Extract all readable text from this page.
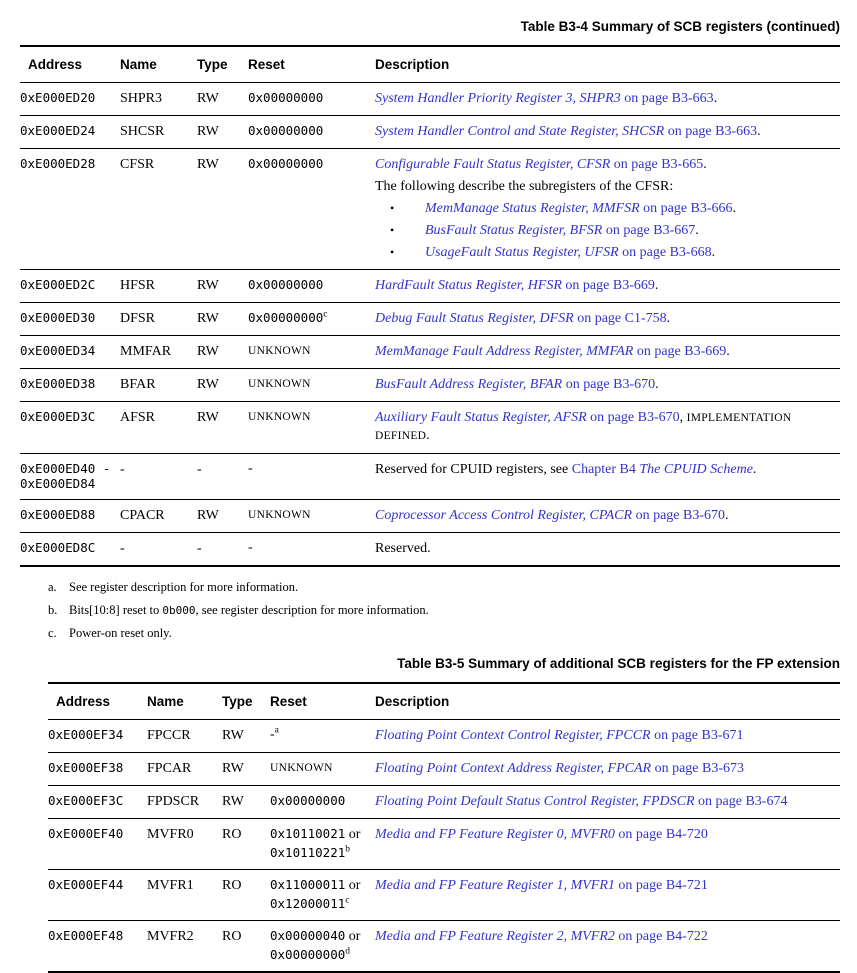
Table B3-4 Summary of SCB registers (continued)
Address	Name	Type	Reset	Description

0xE000ED20	SHPR3	RW	0x00000000	System Handler Priority Register 3, SHPR3 on page B3-663.

0xE000ED24	SHCSR	RW	0x00000000	System Handler Control and State Register, SHCSR on page B3-663.

0xE000ED28	CFSR	RW	0x00000000	Configurable Fault Status Register, CFSR on page B3-665.
The following describe the subregisters of the CFSR:
•	MemManage Status Register, MMFSR on page B3-666.
•	BusFault Status Register, BFSR on page B3-667.
•	UsageFault Status Register, UFSR on page B3-668.

0xE000ED2C	HFSR	RW	0x00000000	HardFault Status Register, HFSR on page B3-669.

0xE000ED30	DFSR	RW	0x00000000$^c$	Debug Fault Status Register, DFSR on page C1-758.

0xE000ED34	MMFAR	RW	UNKNOWN	MemManage Fault Address Register, MMFAR on page B3-669.

0xE000ED38	BFAR	RW	UNKNOWN	BusFault Address Register, BFAR on page B3-670.

0xE000ED3C	AFSR	RW	UNKNOWN	Auxiliary Fault Status Register, AFSR on page B3-670, IMPLEMENTATION DEFINED.

0xE000ED40 -
0xE000ED84	-	-	-	Reserved for CPUID registers, see Chapter B4 The CPUID Scheme.

0xE000ED88	CPACR	RW	UNKNOWN	Coprocessor Access Control Register, CPACR on page B3-670.

0xE000ED8C	-	-	-	Reserved.
a. See register description for more information.
b. Bits[10:8] reset to 0b000, see register description for more information.
c. Power-on reset only.
Table B3-5 Summary of additional SCB registers for the FP extension
Address	Name	Type	Reset	Description

0xE000EF34	FPCCR	RW	-$^a$	Floating Point Context Control Register, FPCCR on page B3-671

0xE000EF38	FPCAR	RW	UNKNOWN	Floating Point Context Address Register, FPCAR on page B3-673

0xE000EF3C	FPDSCR	RW	0x00000000	Floating Point Default Status Control Register, FPDSCR on page B3-674

0xE000EF40	MVFR0	RO	0x10110021 or
0x10110221$^b$	Media and FP Feature Register 0, MVFR0 on page B4-720

0xE000EF44	MVFR1	RO	0x11000011 or
0x12000011$^c$	Media and FP Feature Register 1, MVFR1 on page B4-721

0xE000EF48	MVFR2	RO	0x00000040 or
0x00000000$^d$	Media and FP Feature Register 2, MVFR2 on page B4-722
